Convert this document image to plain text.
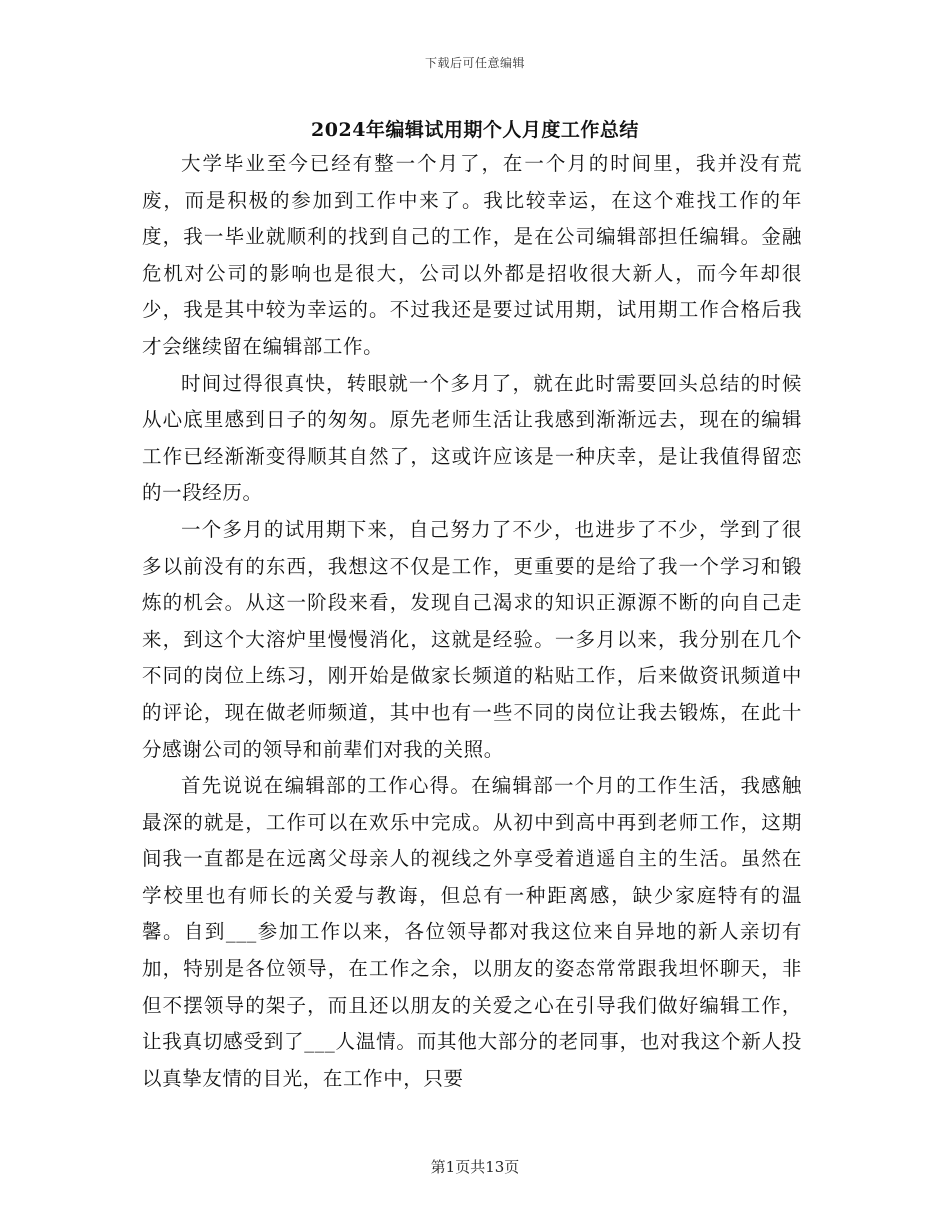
下载后可任意编辑
2024年编辑试用期个人月度工作总结

大学毕业至今已经有整一个月了，在一个月的时间里，我并没有荒废，而是积极的参加到工作中来了。我比较幸运，在这个难找工作的年度，我一毕业就顺利的找到自己的工作，是在公司编辑部担任编辑。金融危机对公司的影响也是很大，公司以外都是招收很大新人，而今年却很少，我是其中较为幸运的。不过我还是要过试用期，试用期工作合格后我才会继续留在编辑部工作。

时间过得很真快，转眼就一个多月了，就在此时需要回头总结的时候从心底里感到日子的匆匆。原先老师生活让我感到渐渐远去，现在的编辑工作已经渐渐变得顺其自然了，这或许应该是一种庆幸，是让我值得留恋的一段经历。

一个多月的试用期下来，自己努力了不少，也进步了不少，学到了很多以前没有的东西，我想这不仅是工作，更重要的是给了我一个学习和锻炼的机会。从这一阶段来看，发现自己渴求的知识正源源不断的向自己走来，到这个大溶炉里慢慢消化，这就是经验。一多月以来，我分别在几个不同的岗位上练习，刚开始是做家长频道的粘贴工作，后来做资讯频道中的评论，现在做老师频道，其中也有一些不同的岗位让我去锻炼，在此十分感谢公司的领导和前辈们对我的关照。

首先说说在编辑部的工作心得。在编辑部一个月的工作生活，我感触最深的就是，工作可以在欢乐中完成。从初中到高中再到老师工作，这期间我一直都是在远离父母亲人的视线之外享受着逍遥自主的生活。虽然在学校里也有师长的关爱与教诲，但总有一种距离感，缺少家庭特有的温馨。自到___参加工作以来，各位领导都对我这位来自异地的新人亲切有加，特别是各位领导，在工作之余，以朋友的姿态常常跟我坦怀聊天，非但不摆领导的架子，而且还以朋友的关爱之心在引导我们做好编辑工作，让我真切感受到了___人温情。而其他大部分的老同事，也对我这个新人投以真挚友情的目光，在工作中，只要

第1页共13页
